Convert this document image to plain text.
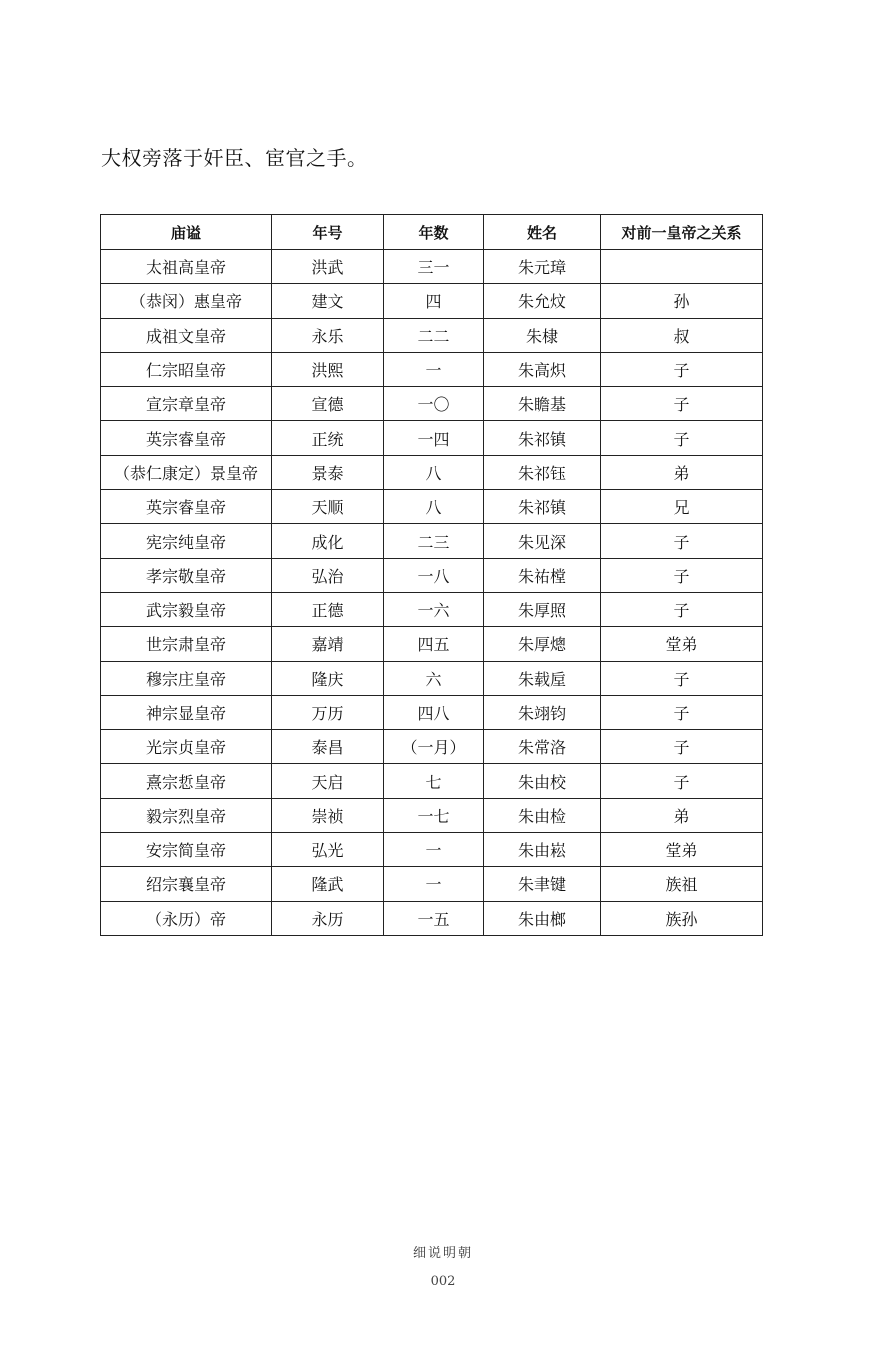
大权旁落于奸臣、宦官之手。

庙谥	年号	年数	姓名	对前一皇帝之关系
太祖高皇帝	洪武	三一	朱元璋	
（恭闵）惠皇帝	建文	四	朱允炆	孙
成祖文皇帝	永乐	二二	朱棣	叔
仁宗昭皇帝	洪熙	一	朱高炽	子
宣宗章皇帝	宣德	一〇	朱瞻基	子
英宗睿皇帝	正统	一四	朱祁镇	子
（恭仁康定）景皇帝	景泰	八	朱祁钰	弟
英宗睿皇帝	天顺	八	朱祁镇	兄
宪宗纯皇帝	成化	二三	朱见深	子
孝宗敬皇帝	弘治	一八	朱祐樘	子
武宗毅皇帝	正德	一六	朱厚照	子
世宗肃皇帝	嘉靖	四五	朱厚熜	堂弟
穆宗庄皇帝	隆庆	六	朱载垕	子
神宗显皇帝	万历	四八	朱翊钧	子
光宗贞皇帝	泰昌	（一月）	朱常洛	子
熹宗悊皇帝	天启	七	朱由校	子
毅宗烈皇帝	崇祯	一七	朱由检	弟
安宗简皇帝	弘光	一	朱由崧	堂弟
绍宗襄皇帝	隆武	一	朱聿键	族祖
（永历）帝	永历	一五	朱由榔	族孙
细说明朝
002
